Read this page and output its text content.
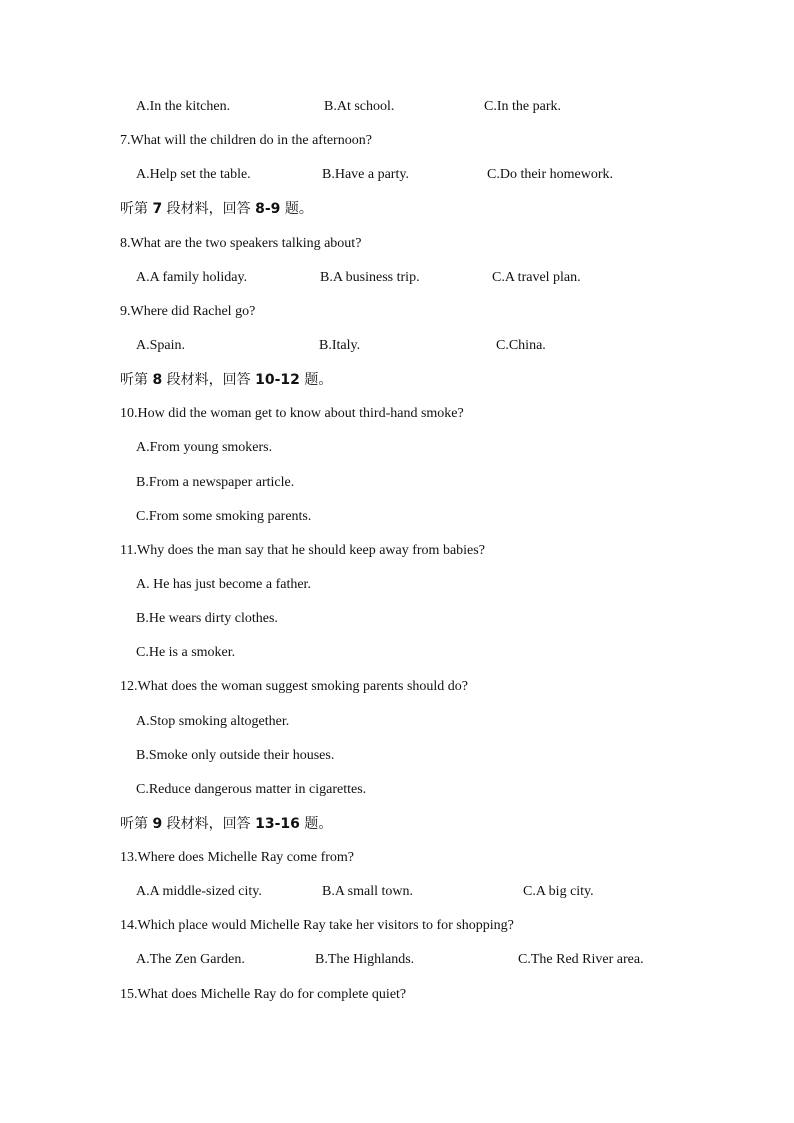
A.In the kitchen.	B.At school.	C.In the park.
7.What will the children do in the afternoon?
A.Help set the table.	B.Have a party.	C.Do their homework.
听第 7 段材料，回答 8-9 题。
8.What are the two speakers talking about?
A.A family holiday.	B.A business trip.	C.A travel plan.
9.Where did Rachel go?
A.Spain.	B.Italy.	C.China.
听第 8 段材料，回答 10-12 题。
10.How did the woman get to know about third-hand smoke?
A.From young smokers.
B.From a newspaper article.
C.From some smoking parents.
11.Why does the man say that he should keep away from babies?
A. He has just become a father.
B.He wears dirty clothes.
C.He is a smoker.
12.What does the woman suggest smoking parents should do?
A.Stop smoking altogether.
B.Smoke only outside their houses.
C.Reduce dangerous matter in cigarettes.
听第 9 段材料，回答 13-16 题。
13.Where does Michelle Ray come from?
A.A middle-sized city.	B.A small town.	C.A big city.
14.Which place would Michelle Ray take her visitors to for shopping?
A.The Zen Garden.	B.The Highlands.	C.The Red River area.
15.What does Michelle Ray do for complete quiet?
